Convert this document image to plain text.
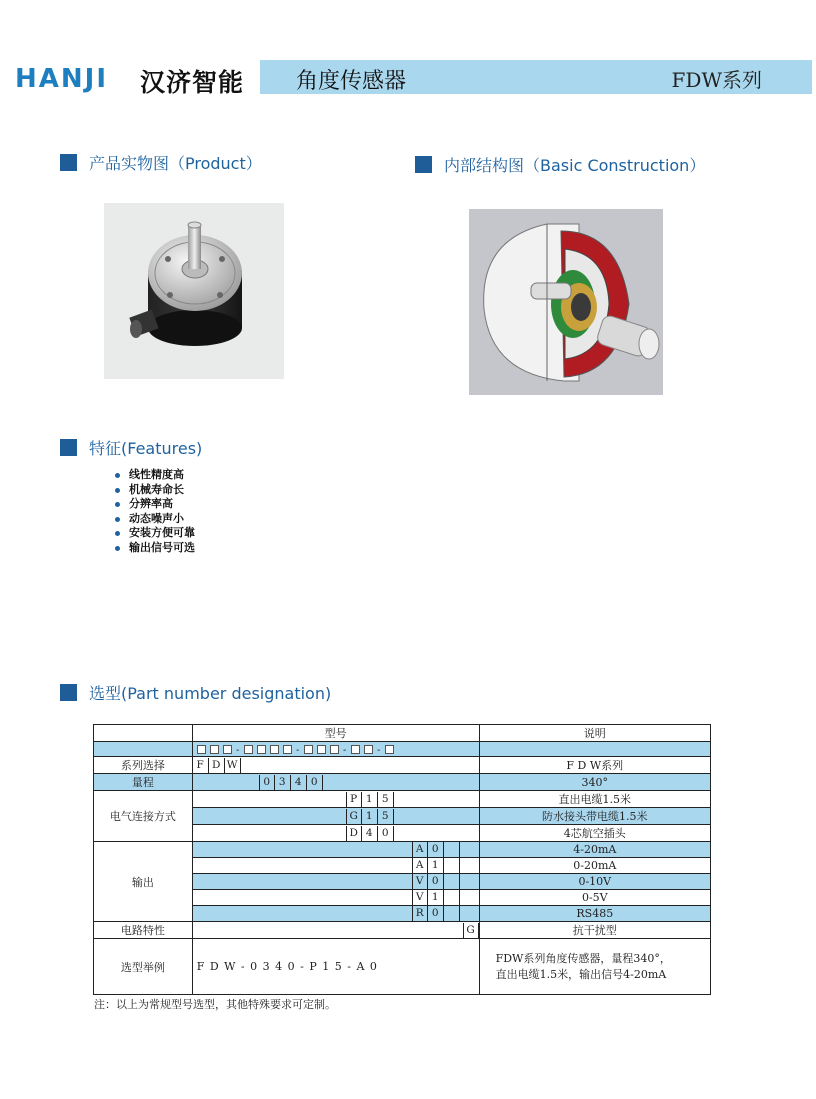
HANJI 汉济智能 角度传感器	FDW系列
产品实物图（Product）	内部结构图（Basic Construction）
特征(Features)
线性精度高
机械寿命长
分辨率高
动态噪声小
安装方便可靠
输出信号可选
选型(Part number designation)
	型号	说明
	- - - -	
系列选择	F D W	F D W系列
量程	0 3 4 0	340°
电气连接方式	P 1 5	直出电缆1.5米

	G 1 5	防水接头带电缆1.5米

	D 4 0	4芯航空插头
输出	A 0	4-20mA

	A 1	0-20mA

	V 0	0-10V

	V 1	0-5V

	R 0	RS485
电路特性	G	抗干扰型
选型举例	F D W - 0 3 4 0 - P 1 5 - A 0	FDW系列角度传感器，量程340°，
直出电缆1.5米，输出信号4-20mA
注：以上为常规型号选型，其他特殊要求可定制。
